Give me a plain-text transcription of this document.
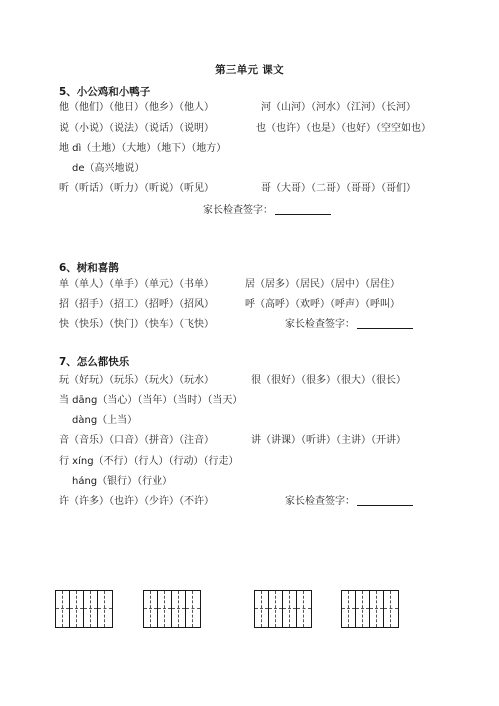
第三单元 课文
5、小公鸡和小鸭子
他（他们）（他日）（他乡）（他人）	河（山河）（河水）（江河）（长河）
说（小说）（说法）（说话）（说明）	也（也许）（也是）（也好）（空空如也）
地 dì（土地）（大地）（地下）（地方）
de（高兴地说）
听（听话）（听力）（听说）（听见）	哥（大哥）（二哥）（哥哥）（哥们）
家长检查签字：
6、树和喜鹊
单（单人）（单手）（单元）（书单）	居（居多）（居民）（居中）（居住）
招（招手）（招工）（招呼）（招风）	呼（高呼）（欢呼）（呼声）（呼叫）
快（快乐）（快门）（快车）（飞快）	家长检查签字：
7、怎么都快乐
玩（好玩）（玩乐）（玩火）（玩水）	很（很好）（很多）（很大）（很长）
当 dāng（当心）（当年）（当时）（当天）
dàng（上当）
音（音乐）（口音）（拼音）（注音）	讲（讲课）（听讲）（主讲）（开讲）
行 xíng（不行）（行人）（行动）（行走）
háng（银行）（行业）
许（许多）（也许）（少许）（不许）	家长检查签字：
